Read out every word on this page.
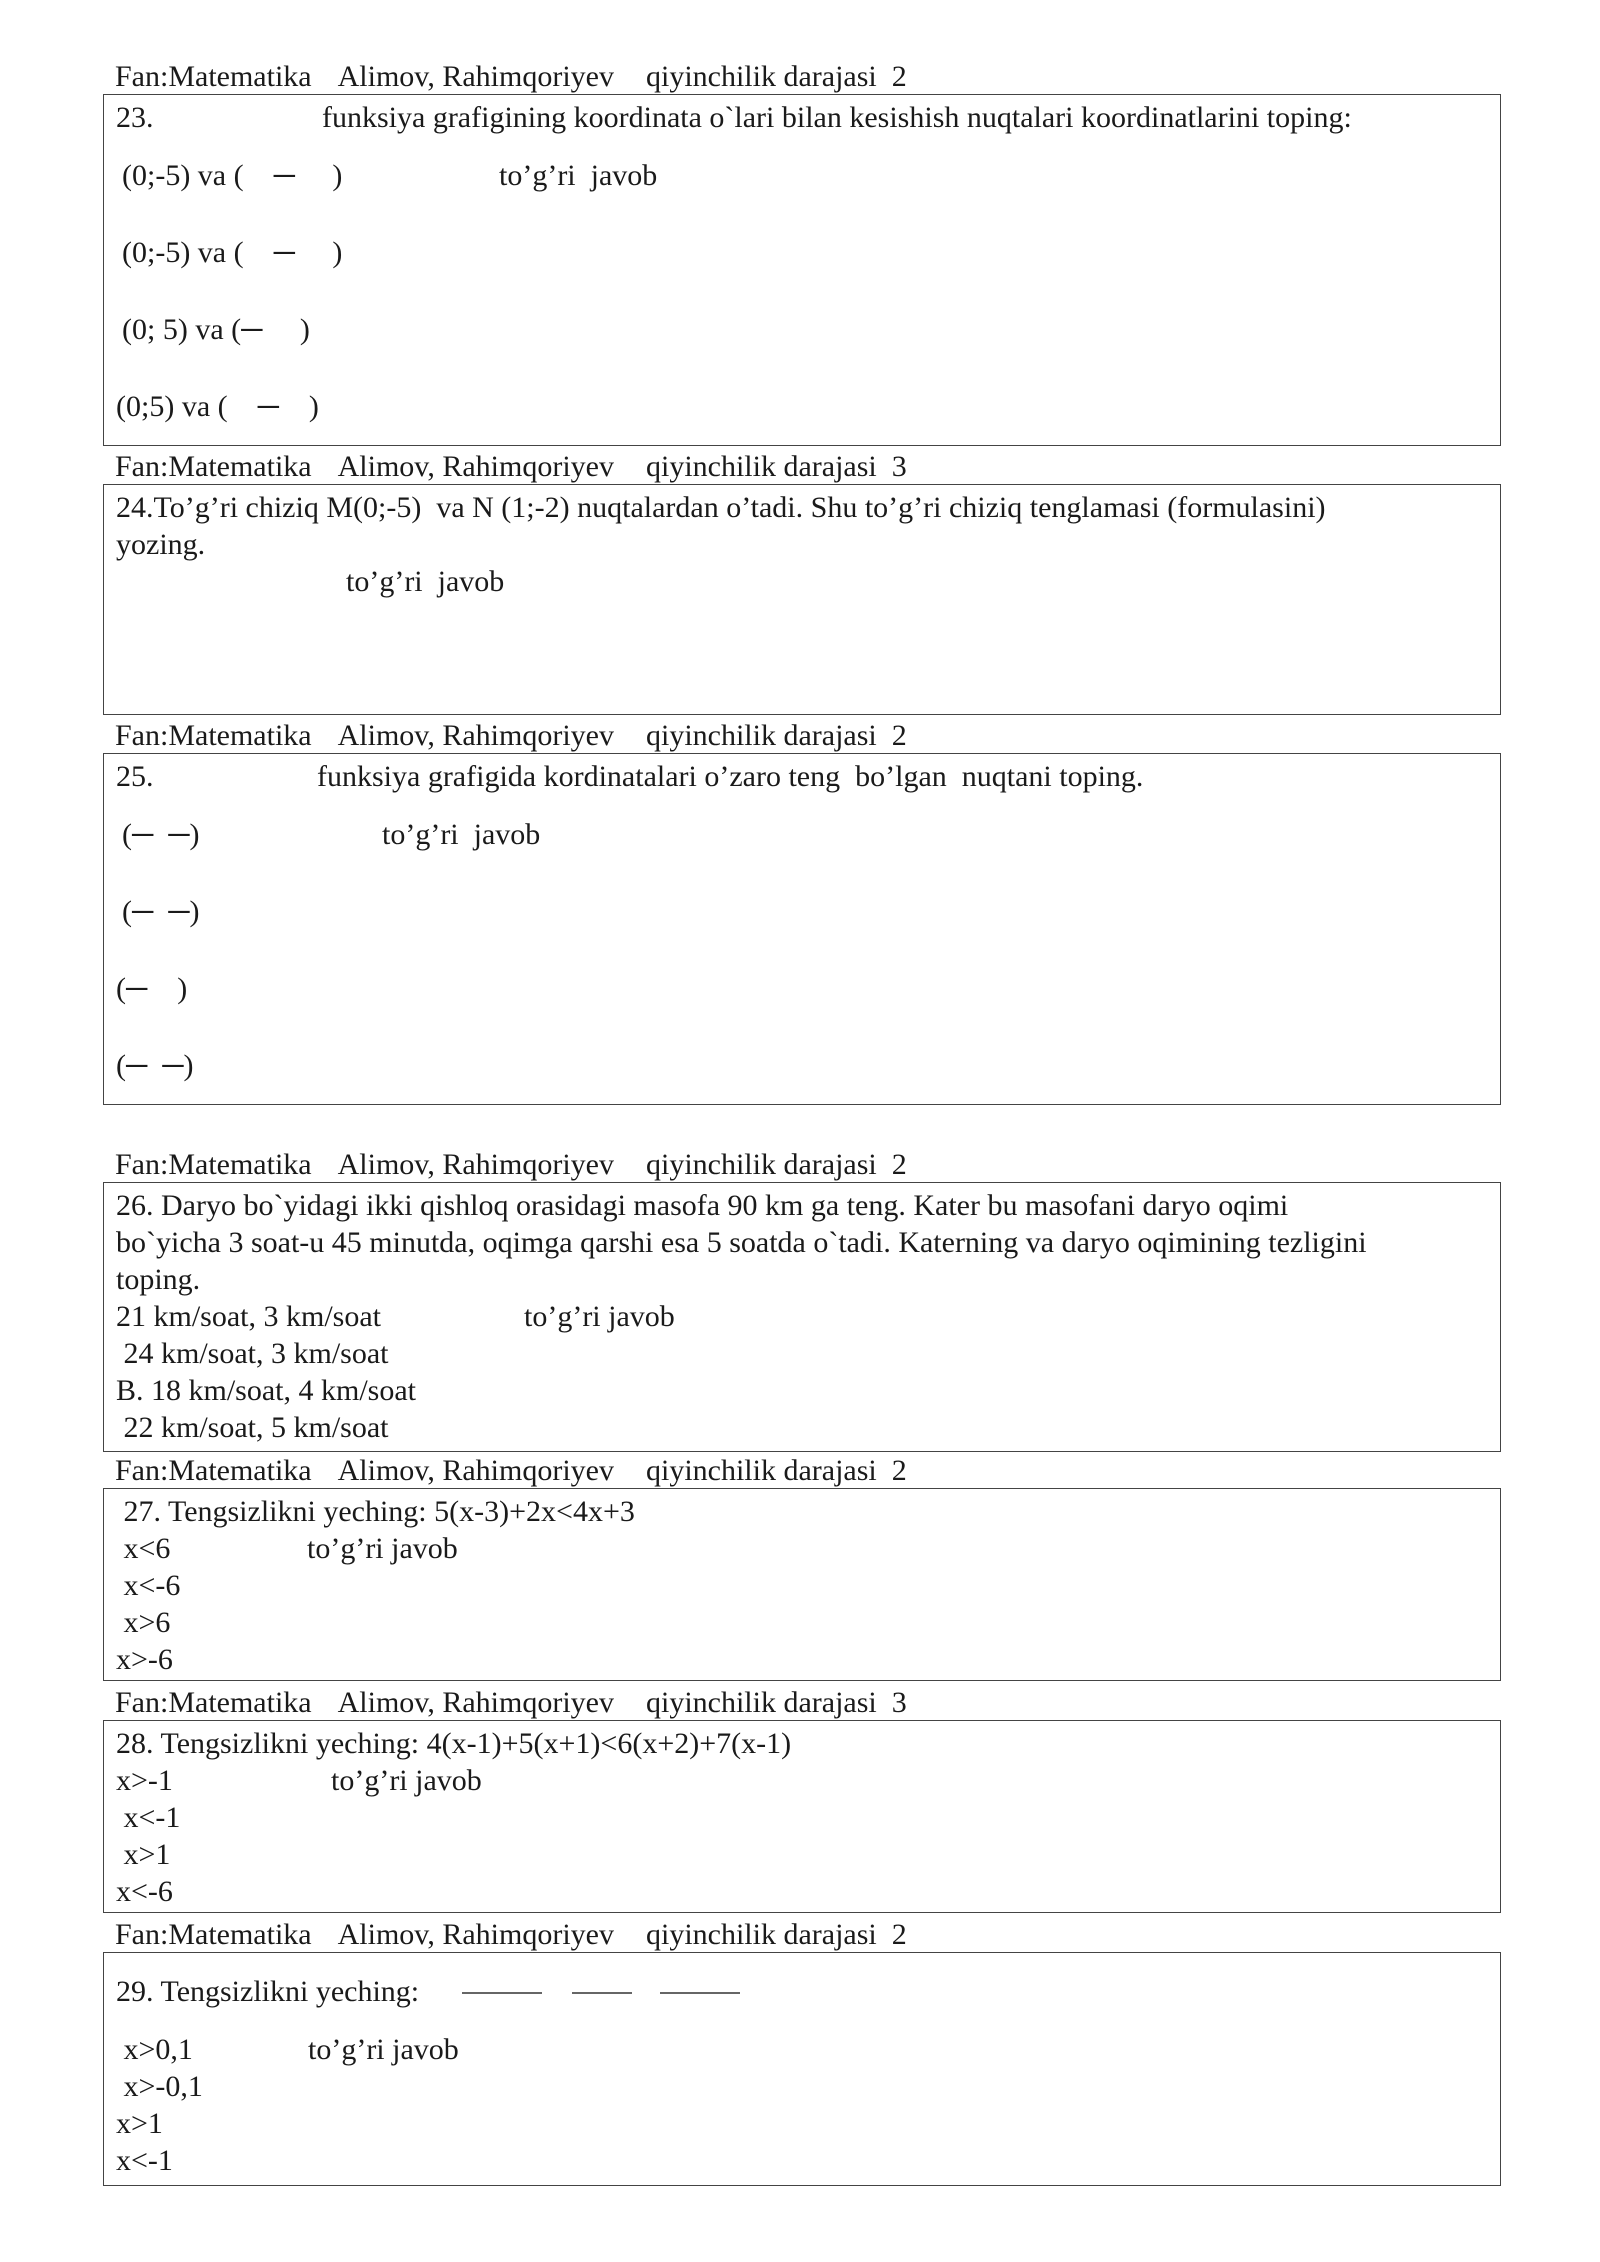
Fan:Matematika Alimov, Rahimqoriyev qiyinchilik darajasi 2
23.	funksiya grafigining koordinata o`lari bilan kesishish nuqtalari koordinatlarini toping:
(0;-5) va (    ─     )	to’g’ri  javob
(0;-5) va (    ─     )
(0; 5) va (─     )
(0;5) va (    ─    )
Fan:Matematika Alimov, Rahimqoriyev qiyinchilik darajasi 3
24.To’g’ri chiziq M(0;-5)  va N (1;-2) nuqtalardan o’tadi. Shu to’g’ri chiziq tenglamasi (formulasini)
yozing.
to’g’ri  javob
Fan:Matematika Alimov, Rahimqoriyev qiyinchilik darajasi 2
25.	funksiya grafigida kordinatalari o’zaro teng  bo’lgan  nuqtani toping.
(─  ─)	to’g’ri  javob
(─  ─)
(─    )
(─  ─)
Fan:Matematika Alimov, Rahimqoriyev qiyinchilik darajasi 2
26. Daryo bo`yidagi ikki qishloq orasidagi masofa 90 km ga teng. Kater bu masofani daryo oqimi
bo`yicha 3 soat-u 45 minutda, oqimga qarshi esa 5 soatda o`tadi. Katerning va daryo oqimining tezligini
toping.
21 km/soat, 3 km/soat	to’g’ri javob
24 km/soat, 3 km/soat
B. 18 km/soat, 4 km/soat
22 km/soat, 5 km/soat
Fan:Matematika Alimov, Rahimqoriyev qiyinchilik darajasi 2
27. Tengsizlikni yeching: 5(x-3)+2x<4x+3
x<6	to’g’ri javob
x<-6
x>6
x>-6
Fan:Matematika Alimov, Rahimqoriyev qiyinchilik darajasi 3
28. Tengsizlikni yeching: 4(x-1)+5(x+1)<6(x+2)+7(x-1)
x>-1	to’g’ri javob
x<-1
x>1
x<-6
Fan:Matematika Alimov, Rahimqoriyev qiyinchilik darajasi 2
29. Tengsizlikni yeching:
x>0,1	to’g’ri javob
x>-0,1
x>1
x<-1
